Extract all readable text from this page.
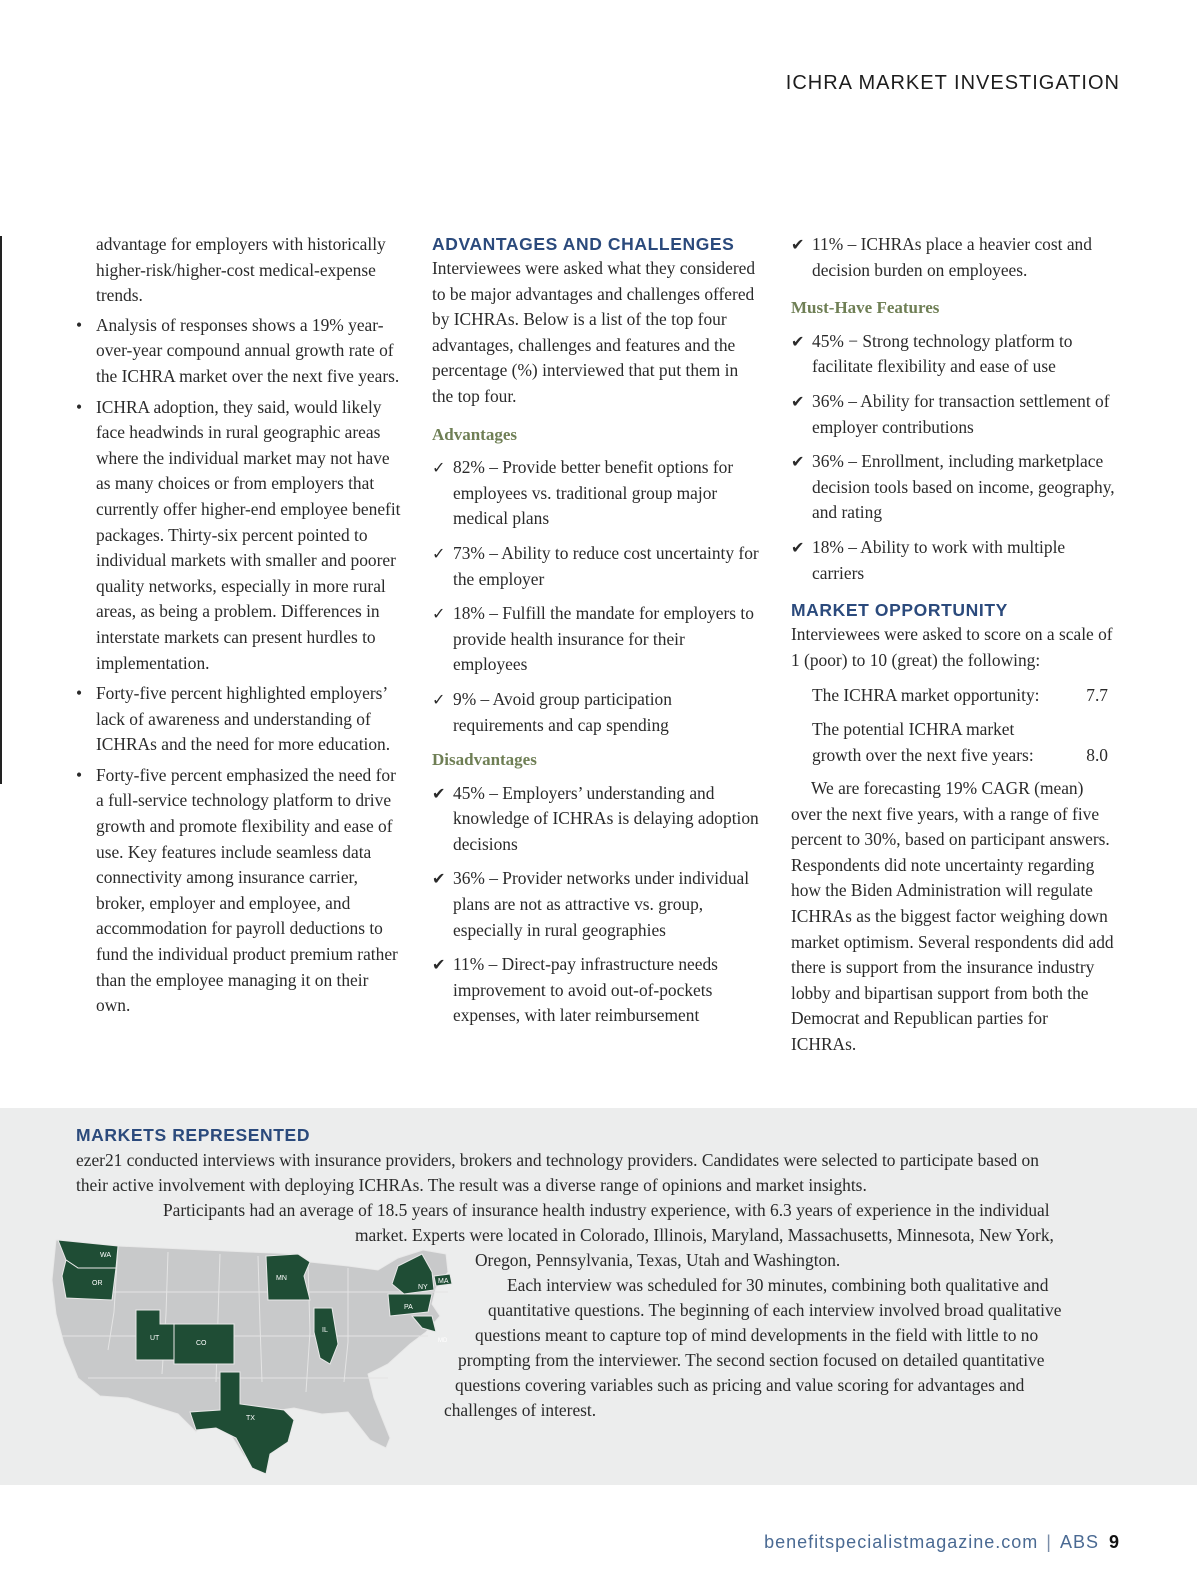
ICHRA MARKET INVESTIGATION

advantage for employers with historically higher-risk/higher-cost medical-expense trends.

• Analysis of responses shows a 19% year-over-year compound annual growth rate of the ICHRA market over the next five years.
• ICHRA adoption, they said, would likely face headwinds in rural geographic areas where the individual market may not have as many choices or from employers that currently offer higher-end employee benefit packages. Thirty-six percent pointed to individual markets with smaller and poorer quality networks, especially in more rural areas, as being a problem. Differences in interstate markets can present hurdles to implementation.
• Forty-five percent highlighted employers’ lack of awareness and understanding of ICHRAs and the need for more education.
• Forty-five percent emphasized the need for a full-service technology platform to drive growth and promote flexibility and ease of use. Key features include seamless data connectivity among insurance carrier, broker, employer and employee, and accommodation for payroll deductions to fund the individual product premium rather than the employee managing it on their own.
ADVANTAGES AND CHALLENGES

Interviewees were asked what they considered to be major advantages and challenges offered by ICHRAs. Below is a list of the top four advantages, challenges and features and the percentage (%) interviewed that put them in the top four.

Advantages
✓ 82% – Provide better benefit options for employees vs. traditional group major medical plans
✓ 73% – Ability to reduce cost uncertainty for the employer
✓ 18% – Fulfill the mandate for employers to provide health insurance for their employees
✓ 9% – Avoid group participation requirements and cap spending
Disadvantages
✔ 45% – Employers’ understanding and knowledge of ICHRAs is delaying adoption decisions
✔ 36% – Provider networks under individual plans are not as attractive vs. group, especially in rural geographies
✔ 11% – Direct-pay infrastructure needs improvement to avoid out-of-pockets expenses, with later reimbursement
✔ 11% – ICHRAs place a heavier cost and decision burden on employees.
Must-Have Features
✔ 45% − Strong technology platform to facilitate flexibility and ease of use
✔ 36% – Ability for transaction settlement of employer contributions
✔ 36% – Enrollment, including marketplace decision tools based on income, geography, and rating
✔ 18% – Ability to work with multiple carriers
MARKET OPPORTUNITY

Interviewees were asked to score on a scale of 1 (poor) to 10 (great) the following:

The ICHRA market opportunity:	7.7
The potential ICHRA market
growth over the next five years:	8.0

We are forecasting 19% CAGR (mean) over the next five years, with a range of five percent to 30%, based on participant answers. Respondents did note uncertainty regarding how the Biden Administration will regulate ICHRAs as the biggest factor weighing down market optimism. Several respondents did add there is support from the insurance industry lobby and bipartisan support from both the Democrat and Republican parties for ICHRAs.

MARKETS REPRESENTED
ezer21 conducted interviews with insurance providers, brokers and technology providers. Candidates were selected to participate based on
their active involvement with deploying ICHRAs. The result was a diverse range of opinions and market insights.
Participants had an average of 18.5 years of insurance health industry experience, with 6.3 years of experience in the individual
market. Experts were located in Colorado, Illinois, Maryland, Massachusetts, Minnesota, New York,
Oregon, Pennsylvania, Texas, Utah and Washington.
Each interview was scheduled for 30 minutes, combining both qualitative and
quantitative questions. The beginning of each interview involved broad qualitative
questions meant to capture top of mind developments in the field with little to no
prompting from the interviewer. The second section focused on detailed quantitative
questions covering variables such as pricing and value scoring for advantages and
challenges of interest.
WA
OR
MN
NY
MA
PA
IL
UT
CO
TX
MD
benefitspecialistmagazine.com | ABS 9
